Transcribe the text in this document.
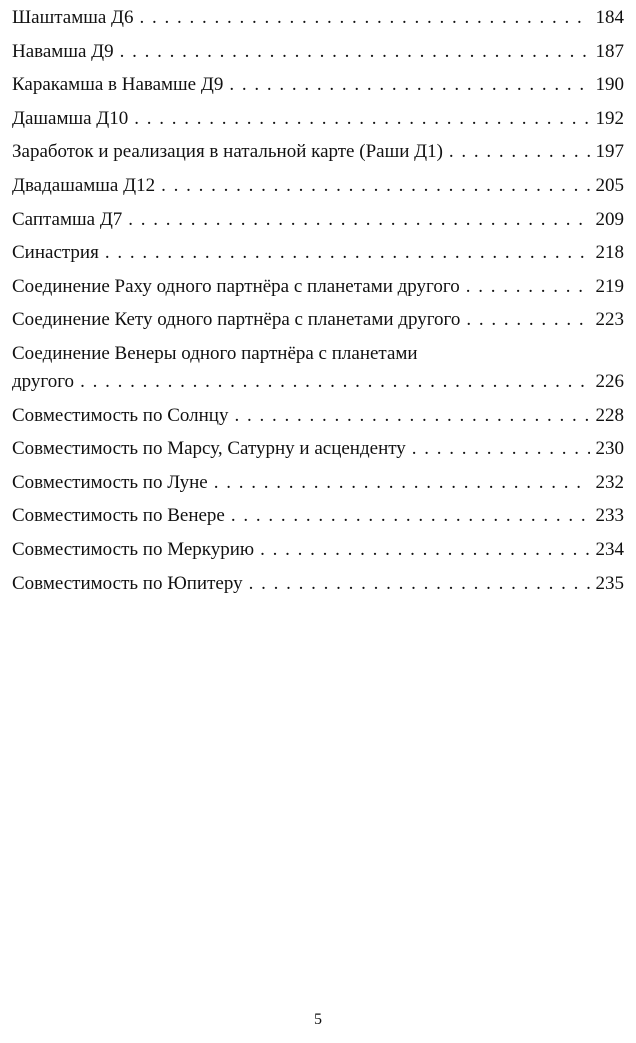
Шаштамша Д6 . . .	184
Навамша Д9 . . .	187
Каракамша в Навамше Д9 . . .	190
Дашамша Д10 . . .	192
Заработок и реализация в натальной карте (Раши Д1) . . .	197
Двадашамша Д12 . . .	205
Саптамша Д7 . . .	209
Синастрия . . .	218
Соединение Раху одного партнёра с планетами другого . . .	219
Соединение Кету одного партнёра с планетами другого . . .	223
Соединение Венеры одного партнёра с планетами
другого . . .	226
Совместимость по Солнцу . . .	228
Совместимость по Марсу, Сатурну и асценденту . . .	230
Совместимость по Луне . . .	232
Совместимость по Венере . . .	233
Совместимость по Меркурию . . .	234
Совместимость по Юпитеру . . .	235
5
